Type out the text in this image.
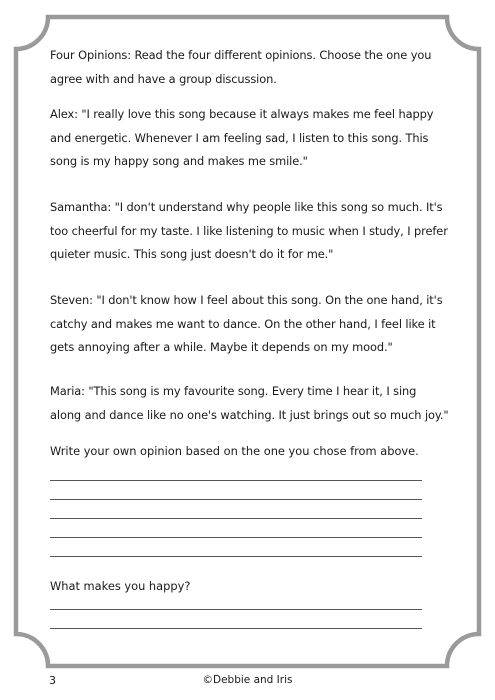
Four Opinions: Read the four different opinions. Choose the one you agree with and have a group discussion.

Alex: "I really love this song because it always makes me feel happy and energetic. Whenever I am feeling sad, I listen to this song. This song is my happy song and makes me smile."

Samantha: "I don't understand why people like this song so much. It's too cheerful for my taste. I like listening to music when I study, I prefer quieter music. This song just doesn't do it for me."

Steven: "I don't know how I feel about this song. On the one hand, it's catchy and makes me want to dance. On the other hand, I feel like it gets annoying after a while. Maybe it depends on my mood."

Maria: "This song is my favourite song. Every time I hear it, I sing along and dance like no one's watching. It just brings out so much joy."

Write your own opinion based on the one you chose from above.

What makes you happy?

3	©Debbie and Iris
